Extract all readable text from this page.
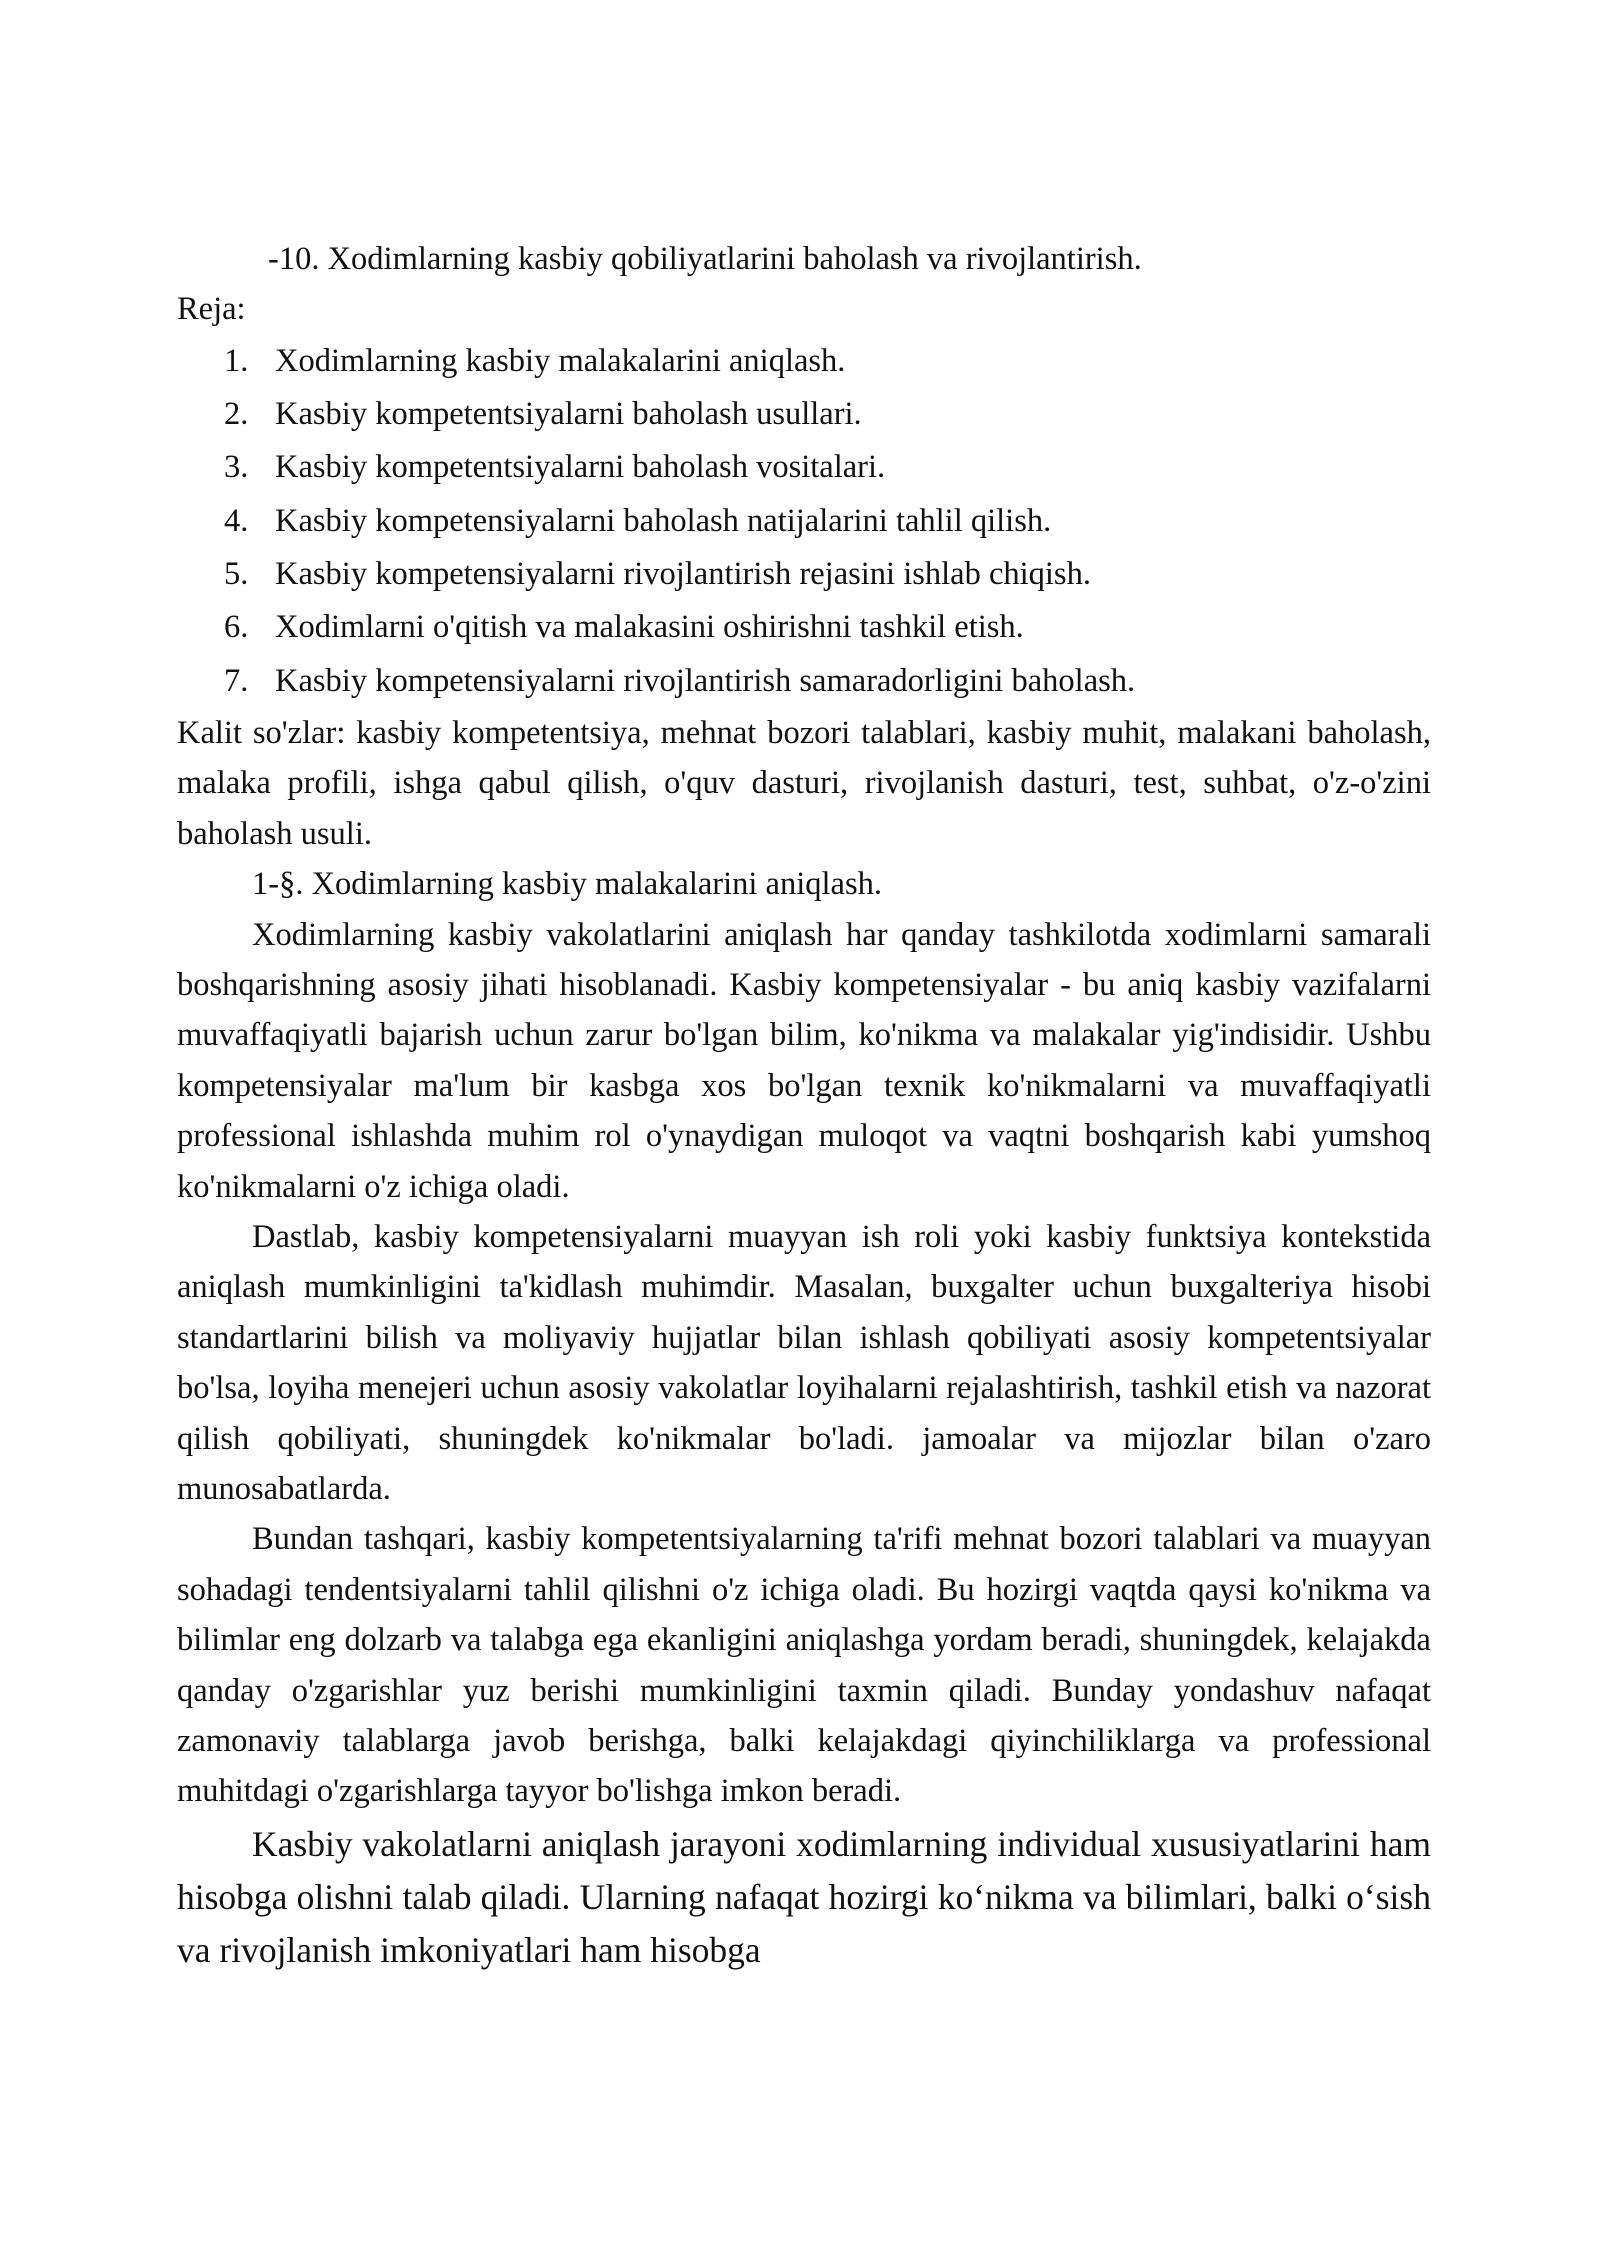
-10. Xodimlarning kasbiy qobiliyatlarini baholash va rivojlantirish.

Reja:

1. Xodimlarning kasbiy malakalarini aniqlash.
2. Kasbiy kompetentsiyalarni baholash usullari.
3. Kasbiy kompetentsiyalarni baholash vositalari.
4. Kasbiy kompetensiyalarni baholash natijalarini tahlil qilish.
5. Kasbiy kompetensiyalarni rivojlantirish rejasini ishlab chiqish.
6. Xodimlarni o'qitish va malakasini oshirishni tashkil etish.
7. Kasbiy kompetensiyalarni rivojlantirish samaradorligini baholash.

Kalit so'zlar: kasbiy kompetentsiya, mehnat bozori talablari, kasbiy muhit, malakani baholash, malaka profili, ishga qabul qilish, o'quv dasturi, rivojlanish dasturi, test, suhbat, o'z-o'zini baholash usuli.

1-§. Xodimlarning kasbiy malakalarini aniqlash.

Xodimlarning kasbiy vakolatlarini aniqlash har qanday tashkilotda xodimlarni samarali boshqarishning asosiy jihati hisoblanadi. Kasbiy kompetensiyalar - bu aniq kasbiy vazifalarni muvaffaqiyatli bajarish uchun zarur bo'lgan bilim, ko'nikma va malakalar yig'indisidir. Ushbu kompetensiyalar ma'lum bir kasbga xos bo'lgan texnik ko'nikmalarni va muvaffaqiyatli professional ishlashda muhim rol o'ynaydigan muloqot va vaqtni boshqarish kabi yumshoq ko'nikmalarni o'z ichiga oladi.

Dastlab, kasbiy kompetensiyalarni muayyan ish roli yoki kasbiy funktsiya kontekstida aniqlash mumkinligini ta'kidlash muhimdir. Masalan, buxgalter uchun buxgalteriya hisobi standartlarini bilish va moliyaviy hujjatlar bilan ishlash qobiliyati asosiy kompetentsiyalar bo'lsa, loyiha menejeri uchun asosiy vakolatlar loyihalarni rejalashtirish, tashkil etish va nazorat qilish qobiliyati, shuningdek ko'nikmalar bo'ladi. jamoalar va mijozlar bilan o'zaro munosabatlarda.

Bundan tashqari, kasbiy kompetentsiyalarning ta'rifi mehnat bozori talablari va muayyan sohadagi tendentsiyalarni tahlil qilishni o'z ichiga oladi. Bu hozirgi vaqtda qaysi ko'nikma va bilimlar eng dolzarb va talabga ega ekanligini aniqlashga yordam beradi, shuningdek, kelajakda qanday o'zgarishlar yuz berishi mumkinligini taxmin qiladi. Bunday yondashuv nafaqat zamonaviy talablarga javob berishga, balki kelajakdagi qiyinchiliklarga va professional muhitdagi o'zgarishlarga tayyor bo'lishga imkon beradi.

Kasbiy vakolatlarni aniqlash jarayoni xodimlarning individual xususiyatlarini ham hisobga olishni talab qiladi. Ularning nafaqat hozirgi ko‘nikma va bilimlari, balki o‘sish va rivojlanish imkoniyatlari ham hisobga
